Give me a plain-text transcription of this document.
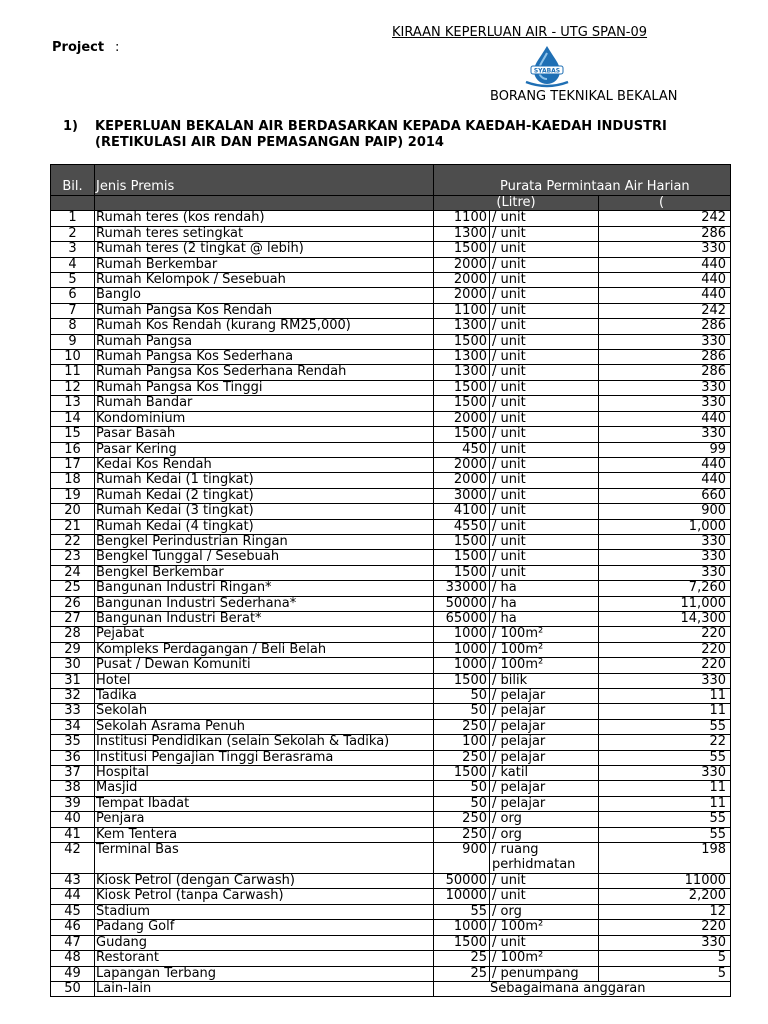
Project :
KIRAAN KEPERLUAN AIR - UTG SPAN-09
SYABAS
BORANG TEKNIKAL BEKALAN
1) KEPERLUAN BEKALAN AIR BERDASARKAN KEPADA KAEDAH-KAEDAH INDUSTRI
(RETIKULASI AIR DAN PEMASANGAN PAIP) 2014
Bil.	Jenis Premis	Purata Permintaan Air Harian		
		(Litre)		(
1	Rumah teres (kos rendah)	1100	/ unit	242
2	Rumah teres setingkat	1300	/ unit	286
3	Rumah teres (2 tingkat @ lebih)	1500	/ unit	330
4	Rumah Berkembar	2000	/ unit	440
5	Rumah Kelompok / Sesebuah	2000	/ unit	440
6	Banglo	2000	/ unit	440
7	Rumah Pangsa Kos Rendah	1100	/ unit	242
8	Rumah Kos Rendah (kurang RM25,000)	1300	/ unit	286
9	Rumah Pangsa	1500	/ unit	330
10	Rumah Pangsa Kos Sederhana	1300	/ unit	286
11	Rumah Pangsa Kos Sederhana Rendah	1300	/ unit	286
12	Rumah Pangsa Kos Tinggi	1500	/ unit	330
13	Rumah Bandar	1500	/ unit	330
14	Kondominium	2000	/ unit	440
15	Pasar Basah	1500	/ unit	330
16	Pasar Kering	450	/ unit	99
17	Kedai Kos Rendah	2000	/ unit	440
18	Rumah Kedai (1 tingkat)	2000	/ unit	440
19	Rumah Kedai (2 tingkat)	3000	/ unit	660
20	Rumah Kedai (3 tingkat)	4100	/ unit	900
21	Rumah Kedai (4 tingkat)	4550	/ unit	1,000
22	Bengkel Perindustrian Ringan	1500	/ unit	330
23	Bengkel Tunggal / Sesebuah	1500	/ unit	330
24	Bengkel Berkembar	1500	/ unit	330
25	Bangunan Industri Ringan*	33000	/ ha	7,260
26	Bangunan Industri Sederhana*	50000	/ ha	11,000
27	Bangunan Industri Berat*	65000	/ ha	14,300
28	Pejabat	1000	/ 100m²	220
29	Kompleks Perdagangan / Beli Belah	1000	/ 100m²	220
30	Pusat / Dewan Komuniti	1000	/ 100m²	220
31	Hotel	1500	/ bilik	330
32	Tadika	50	/ pelajar	11
33	Sekolah	50	/ pelajar	11
34	Sekolah Asrama Penuh	250	/ pelajar	55
35	Institusi Pendidikan (selain Sekolah & Tadika)	100	/ pelajar	22
36	Institusi Pengajian Tinggi Berasrama	250	/ pelajar	55
37	Hospital	1500	/ katil	330
38	Masjid	50	/ pelajar	11
39	Tempat Ibadat	50	/ pelajar	11
40	Penjara	250	/ org	55
41	Kem Tentera	250	/ org	55
42	Terminal Bas	900	/ ruang perhidmatan	198
43	Kiosk Petrol (dengan Carwash)	50000	/ unit	11000
44	Kiosk Petrol (tanpa Carwash)	10000	/ unit	2,200
45	Stadium	55	/ org	12
46	Padang Golf	1000	/ 100m²	220
47	Gudang	1500	/ unit	330
48	Restorant	25	/ 100m²	5
49	Lapangan Terbang	25	/ penumpang	5
50	Lain-lain	Sebagaimana anggaran		
